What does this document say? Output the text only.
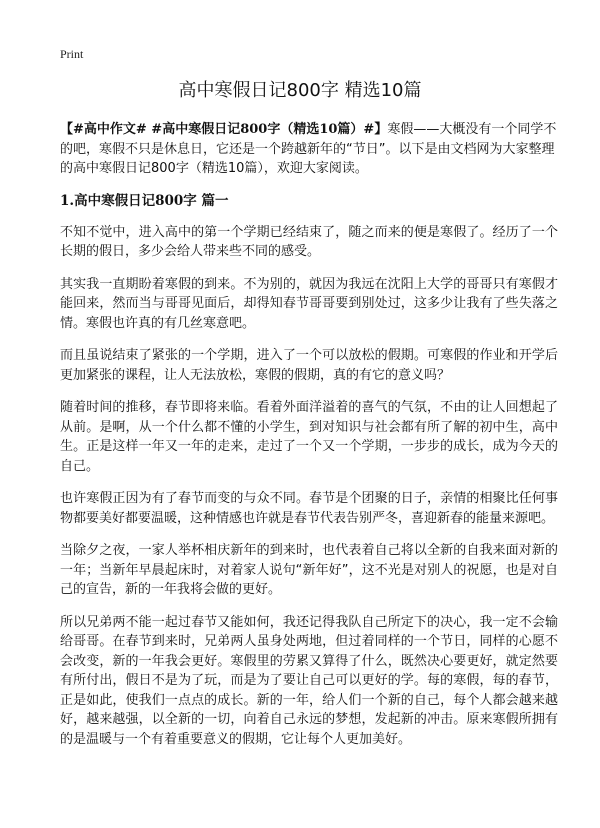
Print
高中寒假日记800字 精选10篇

【#高中作文# #高中寒假日记800字（精选10篇）#】寒假——大概没有一个同学不的吧，寒假不只是休息日，它还是一个跨越新年的“节日”。以下是由文档网为大家整理的高中寒假日记800字（精选10篇），欢迎大家阅读。

1.高中寒假日记800字 篇一

不知不觉中，进入高中的第一个学期已经结束了，随之而来的便是寒假了。经历了一个长期的假日，多少会给人带来些不同的感受。

其实我一直期盼着寒假的到来。不为别的，就因为我远在沈阳上大学的哥哥只有寒假才能回来，然而当与哥哥见面后，却得知春节哥哥要到别处过，这多少让我有了些失落之情。寒假也许真的有几丝寒意吧。

而且虽说结束了紧张的一个学期，进入了一个可以放松的假期。可寒假的作业和开学后更加紧张的课程，让人无法放松，寒假的假期，真的有它的意义吗？

随着时间的推移，春节即将来临。看着外面洋溢着的喜气的气氛，不由的让人回想起了从前。是啊，从一个什么都不懂的小学生，到对知识与社会都有所了解的初中生，高中生。正是这样一年又一年的走来，走过了一个又一个学期，一步步的成长，成为今天的自己。

也许寒假正因为有了春节而变的与众不同。春节是个团聚的日子，亲情的相聚比任何事物都要美好都要温暖，这种情感也许就是春节代表告别严冬，喜迎新春的能量来源吧。

当除夕之夜，一家人举杯相庆新年的到来时，也代表着自己将以全新的自我来面对新的一年；当新年早晨起床时，对着家人说句“新年好”，这不光是对别人的祝愿，也是对自己的宣告，新的一年我将会做的更好。

所以兄弟两不能一起过春节又能如何，我还记得我队自己所定下的决心，我一定不会输给哥哥。在春节到来时，兄弟两人虽身处两地，但过着同样的一个节日，同样的心愿不会改变，新的一年我会更好。寒假里的劳累又算得了什么，既然决心要更好，就定然要有所付出，假日不是为了玩，而是为了要让自己可以更好的学。每的寒假，每的春节，正是如此，使我们一点点的成长。新的一年，给人们一个新的自己，每个人都会越来越好，越来越强，以全新的一切，向着自己永远的梦想，发起新的冲击。原来寒假所拥有的是温暖与一个有着重要意义的假期，它让每个人更加美好。
